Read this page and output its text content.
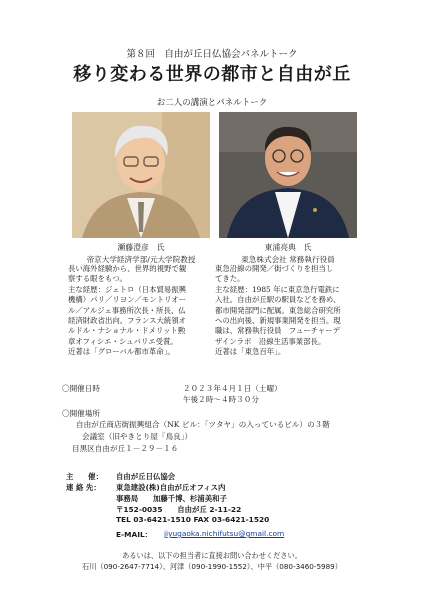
第８回　自由が丘日仏協会パネルトーク
移り変わる世界の都市と自由が丘
お二人の講演とパネルトーク
瀬藤澄彦　氏	東浦亮典　氏
帝京大学経済学部/元大学院教授	東急株式会社 常務執行役員
長い海外経験から、世界的視野で観
察する眼をもつ。
主な経歴：ジェトロ（日本貿易振興
機構）パリ／リヨン／モントリオー
ル／アルジェ事務所次長・所長、仏
経済財政省出向。フランス大統領オ
ルドル・ナショナル・ドメリット勲
章オフィシエ・シュバリエ受賞。
近著は「グローバル都市革命」。
東急沿線の開発／街づくりを担当し
てきた。
主な経歴：1985 年に東京急行電鉄に
入社。自由が丘駅の駅員などを務め、
都市開発部門に配属。東急総合研究所
への出向後、新規事業開発を担当。現
職は、常務執行役員　フューチャーデ
ザインラボ　沿線生活事業部長。
近著は「東急百年」。
〇開催日時	２０２３年４月１日（土曜）
午後２時～４時３０分
〇開催場所
自由が丘商店街振興組合（NK ビル：「ツタヤ」の入っているビル）の３階
会議室（旧やきとり屋「鳥良」）
目黒区自由が丘１－２９－１６
主　　催： 自由が丘日仏協会
連 絡 先： 東急建設(株)自由が丘オフィス内
事務局　　加藤千博、杉浦美和子
〒152-0035　　自由が丘 2-11-22
TEL 03-6421-1510 FAX 03-6421-1520
E-MAIL： jiyugaoka.nichifutsu@gmail.com
あるいは、以下の担当者に直接お問い合わせください。
石川（090-2647-7714）、河津（090-1990-1552）、中平（080-3460-5989）
